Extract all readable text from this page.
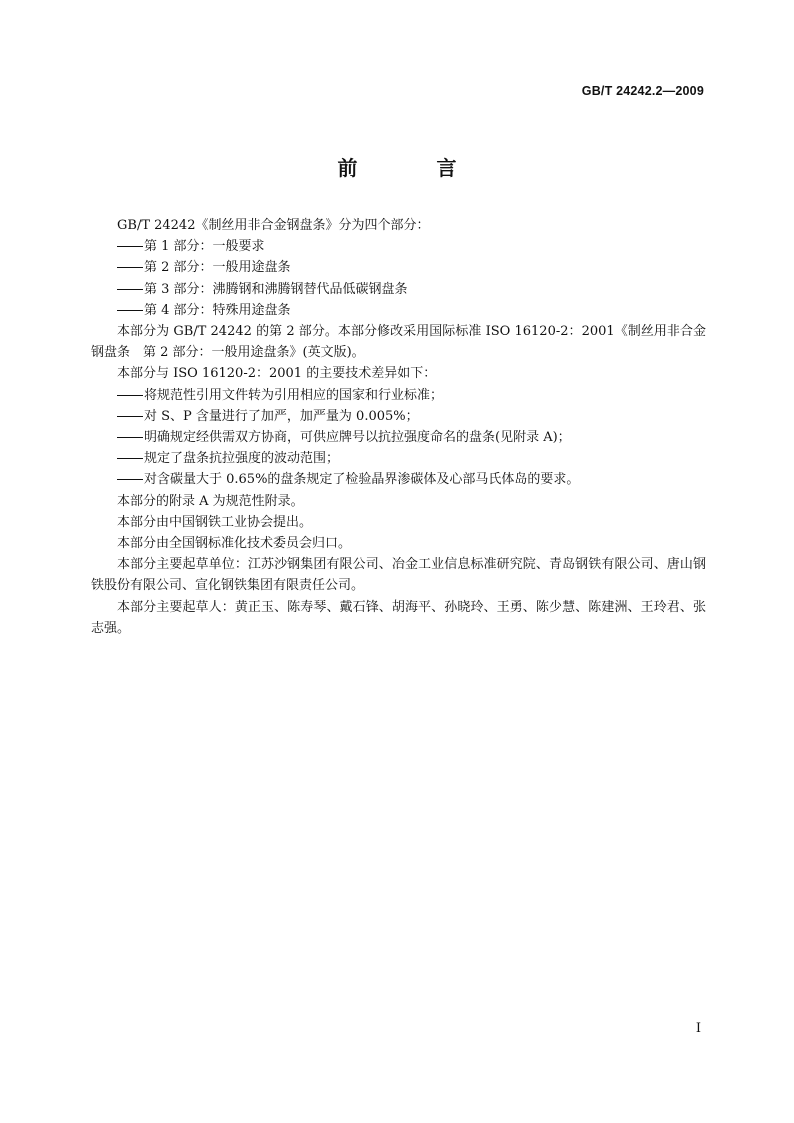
GB/T 24242.2—2009
前 言

GB/T 24242《制丝用非合金钢盘条》分为四个部分：

第 1 部分：一般要求

第 2 部分：一般用途盘条

第 3 部分：沸腾钢和沸腾钢替代品低碳钢盘条

第 4 部分：特殊用途盘条

本部分为 GB/T 24242 的第 2 部分。本部分修改采用国际标准 ISO 16120-2：2001《制丝用非合金钢盘条　第 2 部分：一般用途盘条》(英文版)。

本部分与 ISO 16120-2：2001 的主要技术差异如下：

将规范性引用文件转为引用相应的国家和行业标准；

对 S、P 含量进行了加严，加严量为 0.005%；

明确规定经供需双方协商，可供应牌号以抗拉强度命名的盘条(见附录 A)；

规定了盘条抗拉强度的波动范围；

对含碳量大于 0.65%的盘条规定了检验晶界渗碳体及心部马氏体岛的要求。

本部分的附录 A 为规范性附录。

本部分由中国钢铁工业协会提出。

本部分由全国钢标准化技术委员会归口。

本部分主要起草单位：江苏沙钢集团有限公司、冶金工业信息标准研究院、青岛钢铁有限公司、唐山钢铁股份有限公司、宣化钢铁集团有限责任公司。

本部分主要起草人：黄正玉、陈寿琴、戴石锋、胡海平、孙晓玲、王勇、陈少慧、陈建洲、王玲君、张志强。

I
